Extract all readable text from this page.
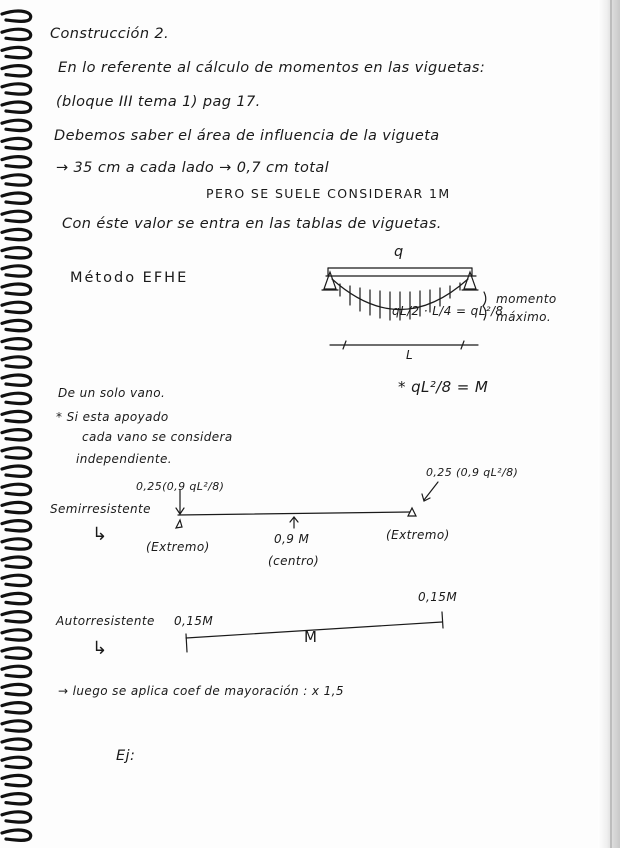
Construcción 2.
En lo referente al cálculo de momentos en las viguetas:
(bloque III tema 1) pag 17.
Debemos saber el área de influencia de la vigueta
→ 35 cm a cada lado → 0,7 cm total
PERO SE SUELE CONSIDERAR 1M
Con éste valor se entra en las tablas de viguetas.
Método EFHE
q
qL/2 · L/4 = qL²/8
momento
máximo.
L
* qL²/8 = M
De un solo vano.
* Si esta apoyado
cada vano se considera
independiente.
Semirresistente
0,25(0,9 qL²/8)
0,25 (0,9 qL²/8)
↳
(Extremo)
0,9 M
(centro)
(Extremo)
Autorresistente
↳
0,15M
0,15M
M
→ luego se aplica coef de mayoración : x 1,5
Ej:
